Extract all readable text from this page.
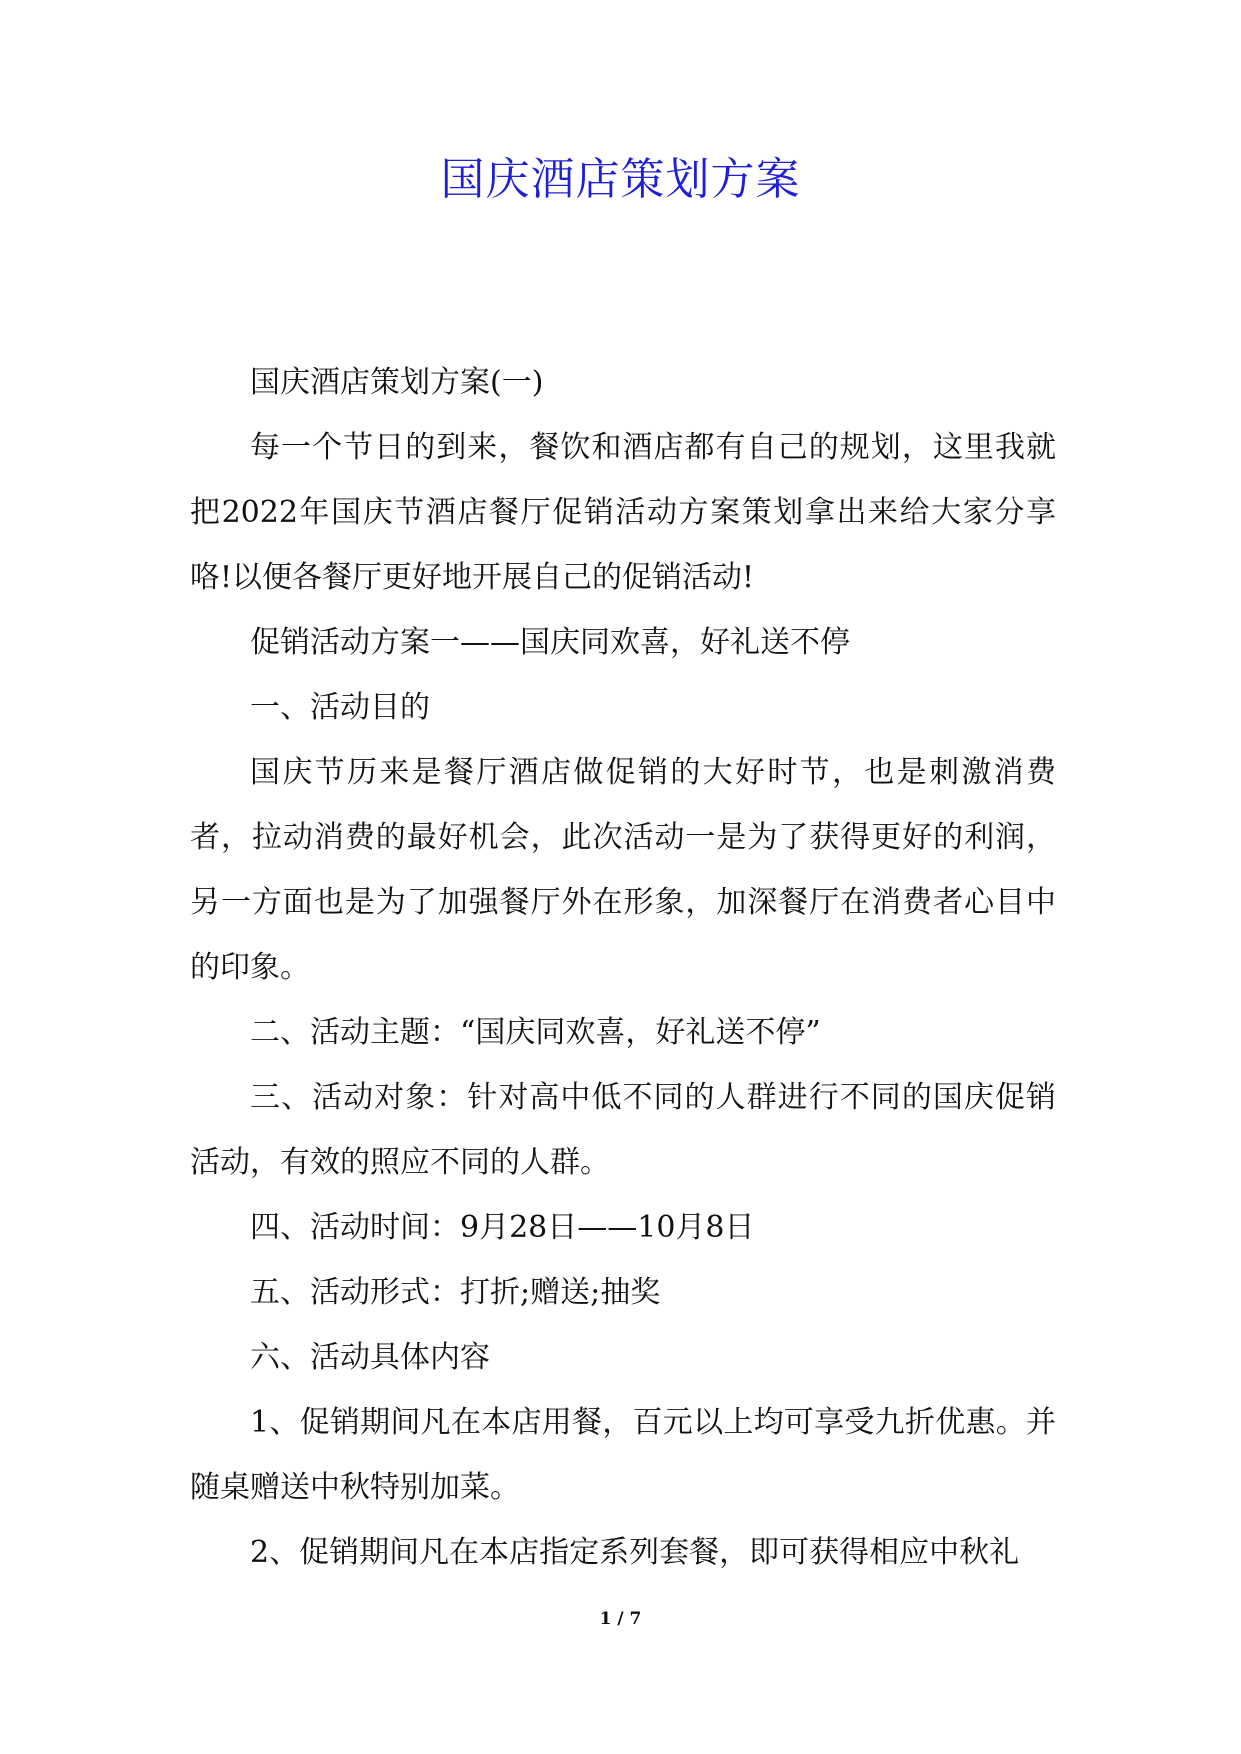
国庆酒店策划方案

国庆酒店策划方案(一)

每一个节日的到来，餐饮和酒店都有自己的规划，这里我就把2022年国庆节酒店餐厅促销活动方案策划拿出来给大家分享咯!以便各餐厅更好地开展自己的促销活动!

促销活动方案一——国庆同欢喜，好礼送不停

一、活动目的

国庆节历来是餐厅酒店做促销的大好时节，也是刺激消费者，拉动消费的最好机会，此次活动一是为了获得更好的利润，另一方面也是为了加强餐厅外在形象，加深餐厅在消费者心目中的印象。

二、活动主题：“国庆同欢喜，好礼送不停”

三、活动对象：针对高中低不同的人群进行不同的国庆促销活动，有效的照应不同的人群。

四、活动时间：9月28日——10月8日

五、活动形式：打折;赠送;抽奖

六、活动具体内容

1、促销期间凡在本店用餐，百元以上均可享受九折优惠。并随桌赠送中秋特别加菜。

2、促销期间凡在本店指定系列套餐，即可获得相应中秋礼

1 / 7
